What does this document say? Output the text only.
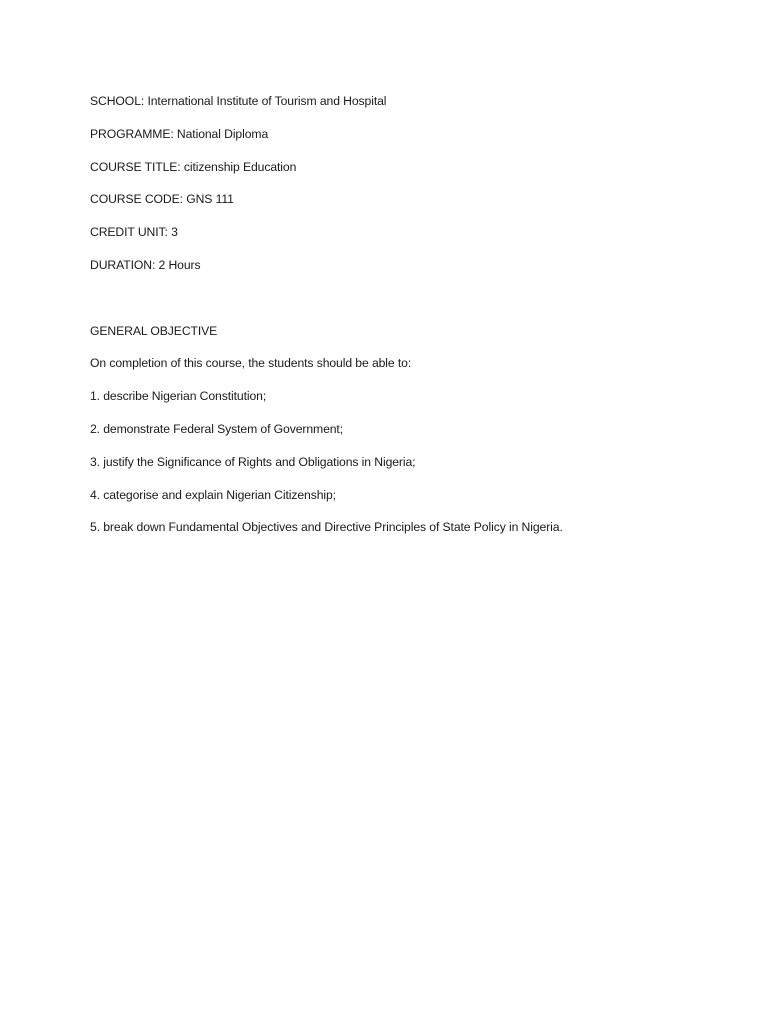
SCHOOL: International Institute of Tourism and Hospital
PROGRAMME: National Diploma
COURSE TITLE: citizenship Education
COURSE CODE: GNS 111
CREDIT UNIT: 3
DURATION: 2 Hours
GENERAL OBJECTIVE
On completion of this course, the students should be able to:
1. describe Nigerian Constitution;
2. demonstrate Federal System of Government;
3. justify the Significance of Rights and Obligations in Nigeria;
4. categorise and explain Nigerian Citizenship;
5. break down Fundamental Objectives and Directive Principles of State Policy in Nigeria.
